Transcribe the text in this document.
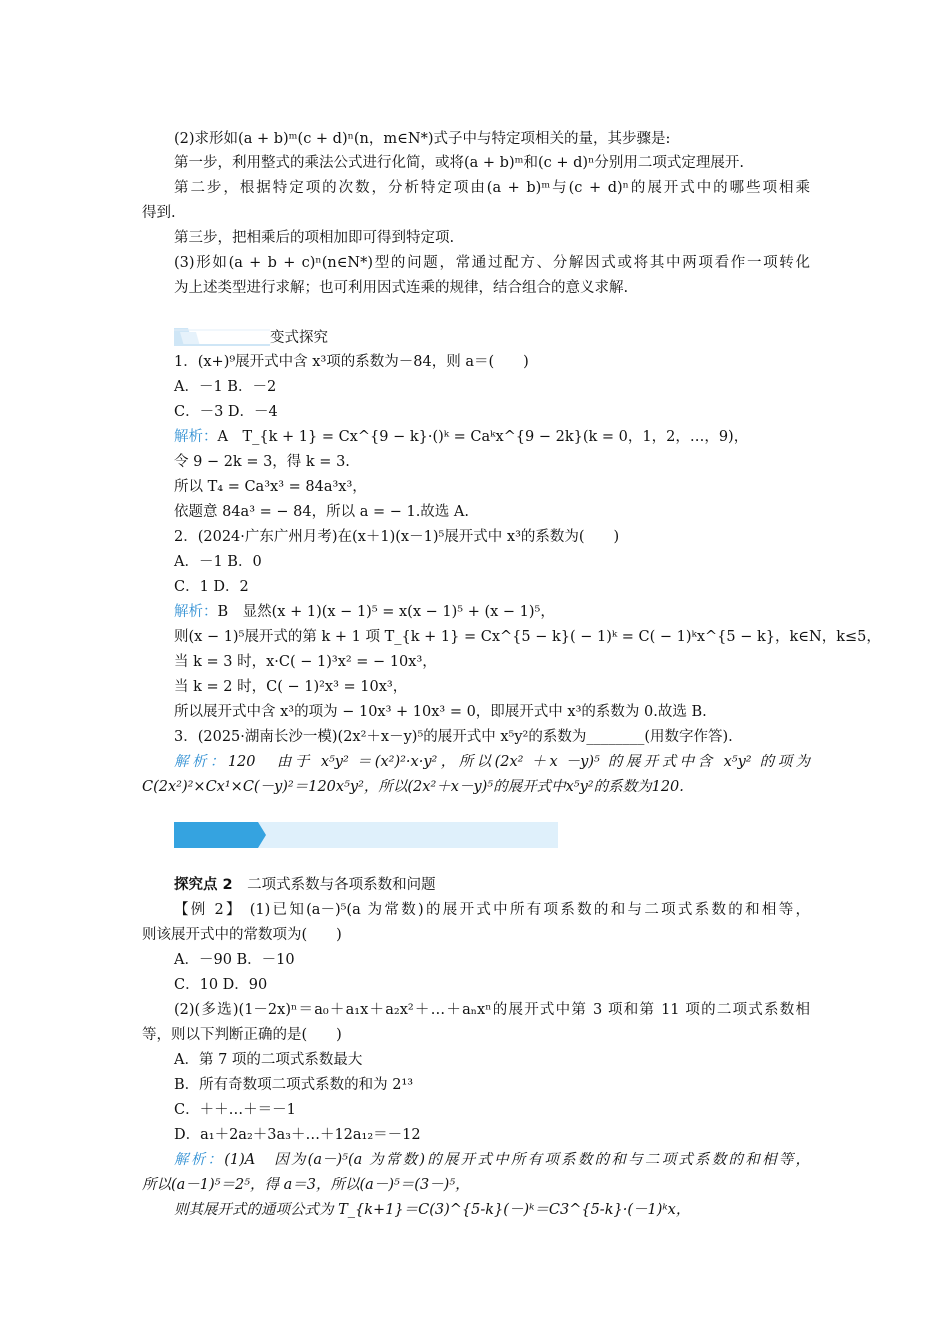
(2)求形如(a + b)ᵐ(c + d)ⁿ(n，m∈N*)式子中与特定项相关的量，其步骤是:
第一步，利用整式的乘法公式进行化简，或将(a + b)ᵐ和(c + d)ⁿ分别用二项式定理展开.
第二步，根据特定项的次数，分析特定项由(a + b)ᵐ与(c + d)ⁿ的展开式中的哪些项相乘
得到.
第三步，把相乘后的项相加即可得到特定项.
(3)形如(a + b + c)ⁿ(n∈N*)型的问题，常通过配方、分解因式或将其中两项看作一项转化
为上述类型进行求解；也可利用因式连乘的规律，结合组合的意义求解.
变式探究
1．(x+)⁹展开式中含 x³项的系数为－84，则 a＝(　　)
A．－1 B．－2
C．－3 D．－4
解析：A　T_{k + 1} = Cx^{9 − k}·()ᵏ = Caᵏx^{9 − 2k}(k = 0，1，2，…，9)，
令 9 − 2k = 3，得 k = 3.
所以 T₄ = Ca³x³ = 84a³x³，
依题意 84a³ = − 84，所以 a = − 1.故选 A.
2．(2024·广东广州月考)在(x＋1)(x－1)⁵展开式中 x³的系数为(　　)
A．－1 B．0
C．1 D．2
解析：B　显然(x + 1)(x − 1)⁵ = x(x − 1)⁵ + (x − 1)⁵，
则(x − 1)⁵展开式的第 k + 1 项 T_{k + 1} = Cx^{5 − k}( − 1)ᵏ = C( − 1)ᵏx^{5 − k}，k∈N，k≤5，
当 k = 3 时，x·C( − 1)³x² = − 10x³，
当 k = 2 时，C( − 1)²x³ = 10x³，
所以展开式中含 x³的项为 − 10x³ + 10x³ = 0，即展开式中 x³的系数为 0.故选 B.
3．(2025·湖南长沙一模)(2x²＋x－y)⁵的展开式中 x⁵y²的系数为________(用数字作答).
解析：120　由于 x⁵y² ＝(x²)²·x·y²，所以(2x² ＋x －y)⁵ 的展开式中含 x⁵y² 的项为
C(2x²)²×Cx¹×C(－y)²＝120x⁵y²，所以(2x²＋x－y)⁵的展开式中x⁵y²的系数为120.
探究点 2　 二项式系数与各项系数和问题
【例 2】 (1)已知(a－)⁵(a 为常数)的展开式中所有项系数的和与二项式系数的和相等，
则该展开式中的常数项为(　　)
A．－90 B．－10
C．10 D．90
(2)(多选)(1－2x)ⁿ＝a₀＋a₁x＋a₂x²＋…＋aₙxⁿ的展开式中第 3 项和第 11 项的二项式系数相
等，则以下判断正确的是(　　)
A．第 7 项的二项式系数最大
B．所有奇数项二项式系数的和为 2¹³
C．＋＋…＋＝－1
D．a₁＋2a₂＋3a₃＋…＋12a₁₂＝－12
解析：(1)A　因为(a－)⁵(a 为常数)的展开式中所有项系数的和与二项式系数的和相等，
所以(a－1)⁵＝2⁵，得 a＝3，所以(a－)⁵＝(3－)⁵，
则其展开式的通项公式为 T_{k+1}＝C(3)^{5-k}(－)ᵏ＝C3^{5-k}·(－1)ᵏx，
